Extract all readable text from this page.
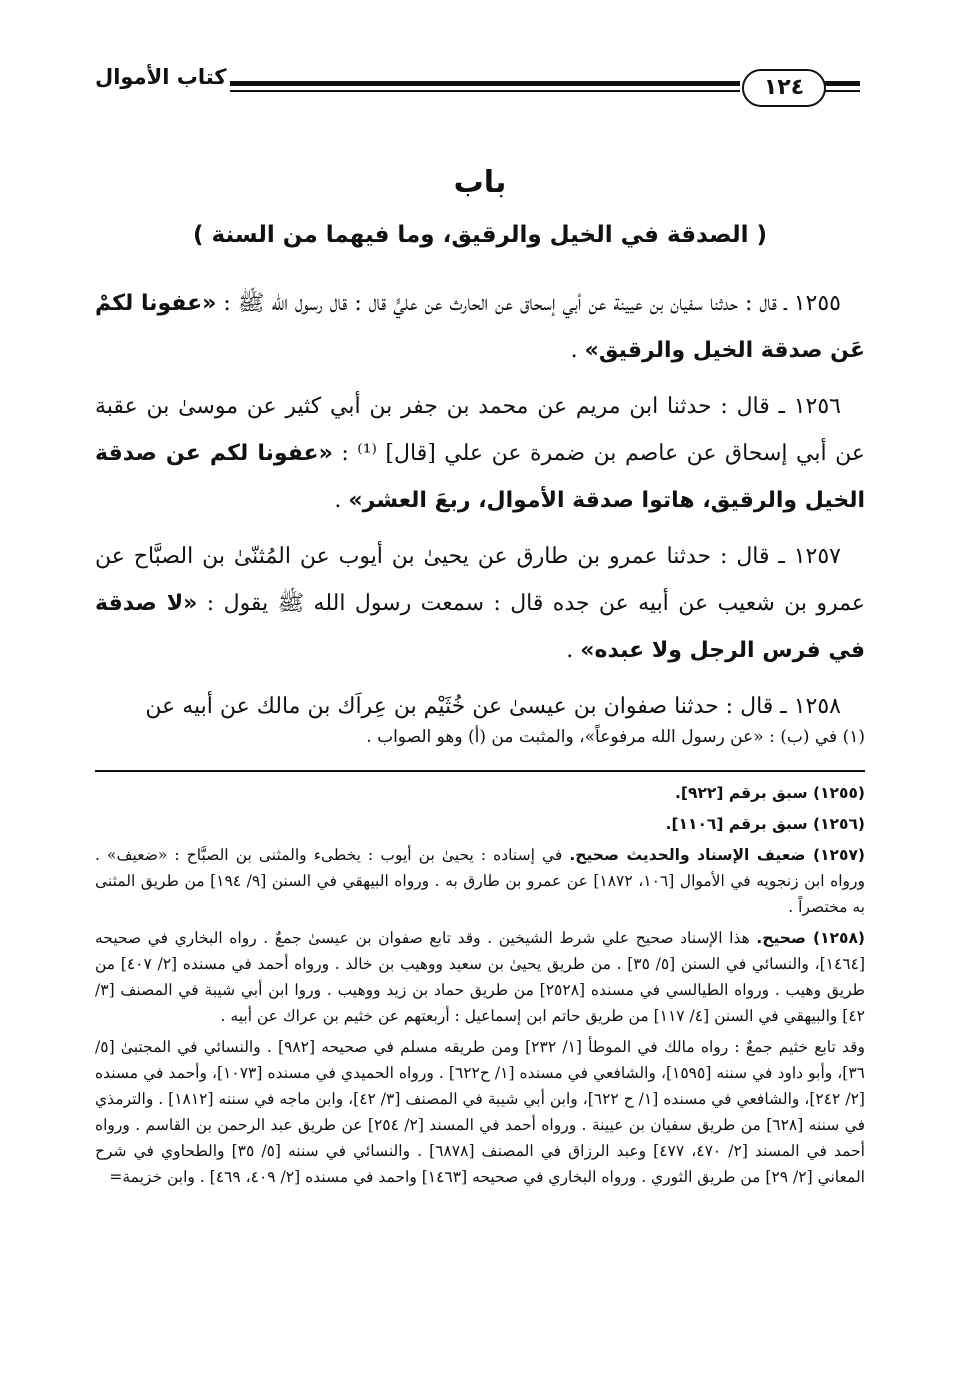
١٢٤
كتاب الأموال
باب
( الصدقة في الخيل والرقيق، وما فيهما من السنة )

١٢٥٥ ـ قال : حدثنا سفيان بن عيينة عن أبي إسحاق عن الحارث عن عليٍّ قال : قال رسول الله ﷺ : «عفونا لكمْ عَن صدقة الخيل والرقيق» .

١٢٥٦ ـ قال : حدثنا ابن مريم عن محمد بن جفر بن أبي كثير عن موسىٰ بن عقبة عن أبي إسحاق عن عاصم بن ضمرة عن علي [قال] ⁽¹⁾ : «عفونا لكم عن صدقة الخيل والرقيق، هاتوا صدقة الأموال، ربعَ العشر» .

١٢٥٧ ـ قال : حدثنا عمرو بن طارق عن يحيىٰ بن أيوب عن المُثنّىٰ بن الصبَّاح عن عمرو بن شعيب عن أبيه عن جده قال : سمعت رسول الله ﷺ يقول : «لا صدقة في فرس الرجل ولا عبده» .

١٢٥٨ ـ قال : حدثنا صفوان بن عيسىٰ عن خُثَيْم بن عِراَك بن مالك عن أبيه عن

(١) في (ب) : «عن رسول الله مرفوعاً»، والمثبت من (أ) وهو الصواب .
(١٢٥٥) سبق برقم [٩٢٢].
(١٢٥٦) سبق برقم [١١٠٦].
(١٢٥٧) ضعيف الإسناد والحديث صحيح. في إسناده : يحيىٰ بن أيوب : يخطىء والمثنى بن الصبَّاح : «ضعيف» . ورواه ابن زنجويه في الأموال [١٠٦، ١٨٧٢] عن عمرو بن طارق به . ورواه البيهقي في السنن [٩/ ١٩٤] من طريق المثنى به مختصراً .
(١٢٥٨) صحيح. هذا الإسناد صحيح علي شرط الشيخين . وقد تابع صفوان بن عيسىٰ جمعٌ . رواه البخاري في صحيحه [١٤٦٤]، والنسائي في السنن [٥/ ٣٥] . من طريق يحيىٰ بن سعيد ووهيب بن خالد . ورواه أحمد في مسنده [٢/ ٤٠٧] من طريق وهيب . ورواه الطيالسي في مسنده [٢٥٢٨] من طريق حماد بن زيد ووهيب . وروا ابن أبي شيبة في المصنف [٣/ ٤٢] والبيهقي في السنن [٤/ ١١٧] من طريق حاتم ابن إسماعيل : أربعتهم عن خثيم بن عراك عن أبيه .
وقد تابع خثيم جمعٌ : رواه مالك في الموطأ [١/ ٢٣٢] ومن طريقه مسلم في صحيحه [٩٨٢] . والنسائي في المجتبىٰ [٥/ ٣٦]، وأبو داود في سننه [١٥٩٥]، والشافعي في مسنده [١/ ح٦٢٢] . ورواه الحميدي في مسنده [١٠٧٣]، وأحمد في مسنده [٢/ ٢٤٢]، والشافعي في مسنده [١/ ح ٦٢٢]، وابن أبي شيبة في المصنف [٣/ ٤٢]، وابن ماجه في سننه [١٨١٢] . والترمذي في سننه [٦٢٨] من طريق سفيان بن عيينة . ورواه أحمد في المسند [٢/ ٢٥٤] عن طريق عبد الرحمن بن القاسم . ورواه أحمد في المسند [٢/ ٤٧٠، ٤٧٧] وعبد الرزاق في المصنف [٦٨٧٨] . والنسائي في سننه [٥/ ٣٥] والطحاوي في شرح المعاني [٢/ ٢٩] من طريق الثوري . ورواه البخاري في صحيحه [١٤٦٣] واحمد في مسنده [٢/ ٤٠٩، ٤٦٩] . وابن خزيمة=
